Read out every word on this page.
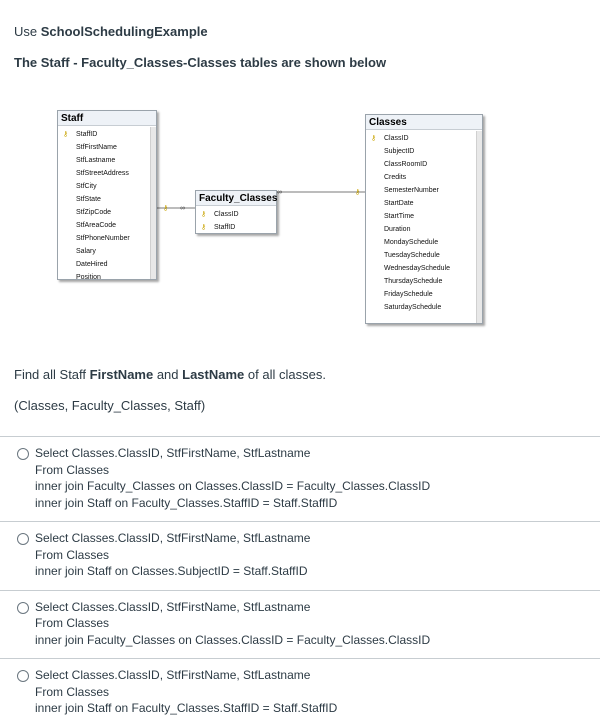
Use SchoolSchedulingExample
The Staff - Faculty_Classes-Classes tables are shown below
⚷ ∞
∞	⚷
Staff
⚷ StaffID
StfFirstName
StfLastname
StfStreetAddress
StfCity
StfState
StfZipCode
StfAreaCode
StfPhoneNumber
Salary
DateHired
Position
Faculty_Classes
⚷ ClassID
⚷ StaffID
Classes
⚷ ClassID
SubjectID
ClassRoomID
Credits
SemesterNumber
StartDate
StartTime
Duration
MondaySchedule
TuesdaySchedule
WednesdaySchedule
ThursdaySchedule
FridaySchedule
SaturdaySchedule
Find all Staff FirstName and LastName of all classes.
(Classes, Faculty_Classes, Staff)
Select Classes.ClassID, StfFirstName, StfLastname
From Classes
inner join Faculty_Classes on Classes.ClassID = Faculty_Classes.ClassID
inner join Staff on Faculty_Classes.StaffID = Staff.StaffID
Select Classes.ClassID, StfFirstName, StfLastname
From Classes
inner join Staff on Classes.SubjectID = Staff.StaffID
Select Classes.ClassID, StfFirstName, StfLastname
From Classes
inner join Faculty_Classes on Classes.ClassID = Faculty_Classes.ClassID
Select Classes.ClassID, StfFirstName, StfLastname
From Classes
inner join Staff on Faculty_Classes.StaffID = Staff.StaffID
